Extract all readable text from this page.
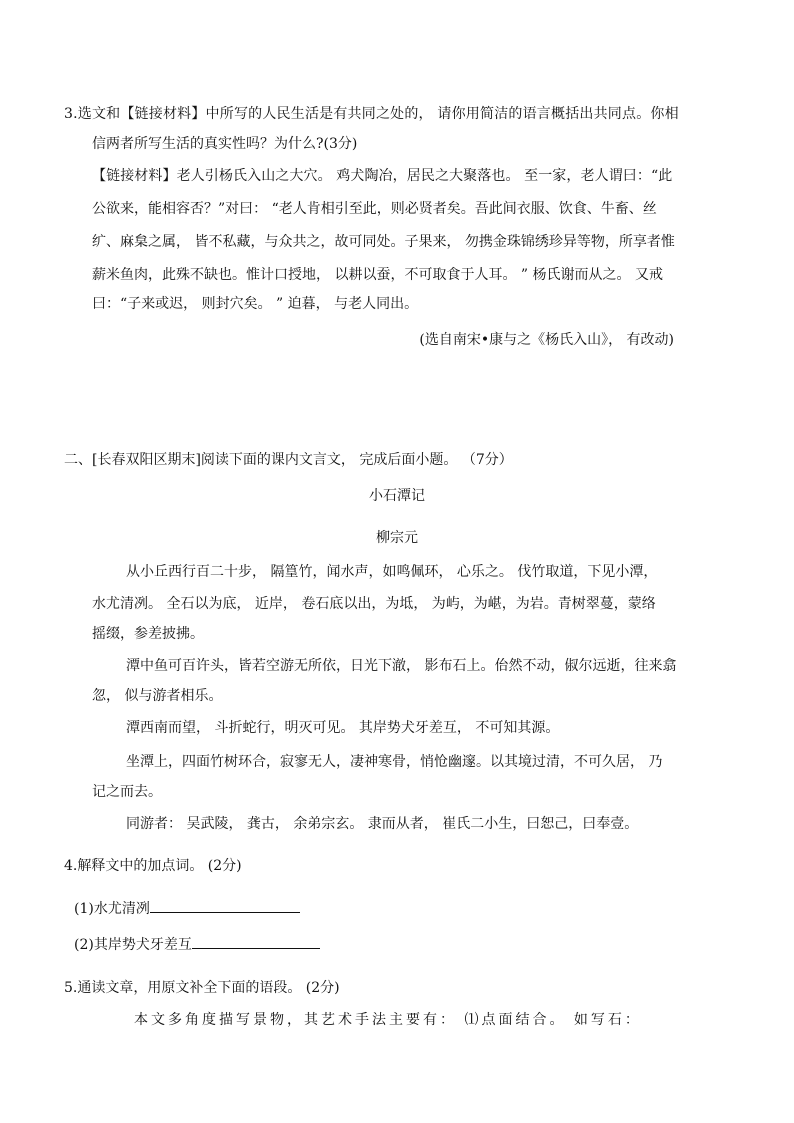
3.选文和【链接材料】中所写的人民生活是有共同之处的， 请你用简洁的语言概括出共同点。你相
信两者所写生活的真实性吗？为什么?(3分)
【链接材料】老人引杨氏入山之大穴。 鸡犬陶冶，居民之大聚落也。 至一家，老人谓曰：“此
公欲来，能相容否？”对曰： “老人肯相引至此，则必贤者矣。吾此间衣服、饮食、牛畜、丝
纩、麻枲之属， 皆不私藏，与众共之，故可同处。子果来， 勿携金珠锦绣珍异等物，所享者惟
薪米鱼肉，此殊不缺也。惟计口授地， 以耕以蚕，不可取食于人耳。 ” 杨氏谢而从之。 又戒
曰：“子来或迟， 则封穴矣。 ” 迫暮， 与老人同出。
(选自南宋•康与之《杨氏入山》， 有改动)
二、[长春双阳区期末]阅读下面的课内文言文， 完成后面小题。 （7分）
小石潭记
柳宗元
从小丘西行百二十步， 隔篁竹，闻水声，如鸣佩环， 心乐之。 伐竹取道，下见小潭，
水尤清冽。 全石以为底， 近岸， 卷石底以出，为坻， 为屿，为嵁，为岩。青树翠蔓，蒙络
摇缀，参差披拂。
潭中鱼可百许头，皆若空游无所依，日光下澈， 影布石上。佁然不动，俶尔远逝，往来翕
忽， 似与游者相乐。
潭西南而望， 斗折蛇行，明灭可见。 其岸势犬牙差互， 不可知其源。
坐潭上，四面竹树环合，寂寥无人，凄神寒骨，悄怆幽邃。以其境过清，不可久居， 乃
记之而去。
同游者： 吴武陵， 龚古， 余弟宗玄。 隶而从者， 崔氏二小生，曰恕己，曰奉壹。
4.解释文中的加点词。 (2分)
(1)水尤清冽
(2)其岸势犬牙差互
5.通读文章，用原文补全下面的语段。 (2分)
本文多角度描写景物，其艺术手法主要有： ⑴点面结合。 如写石：
